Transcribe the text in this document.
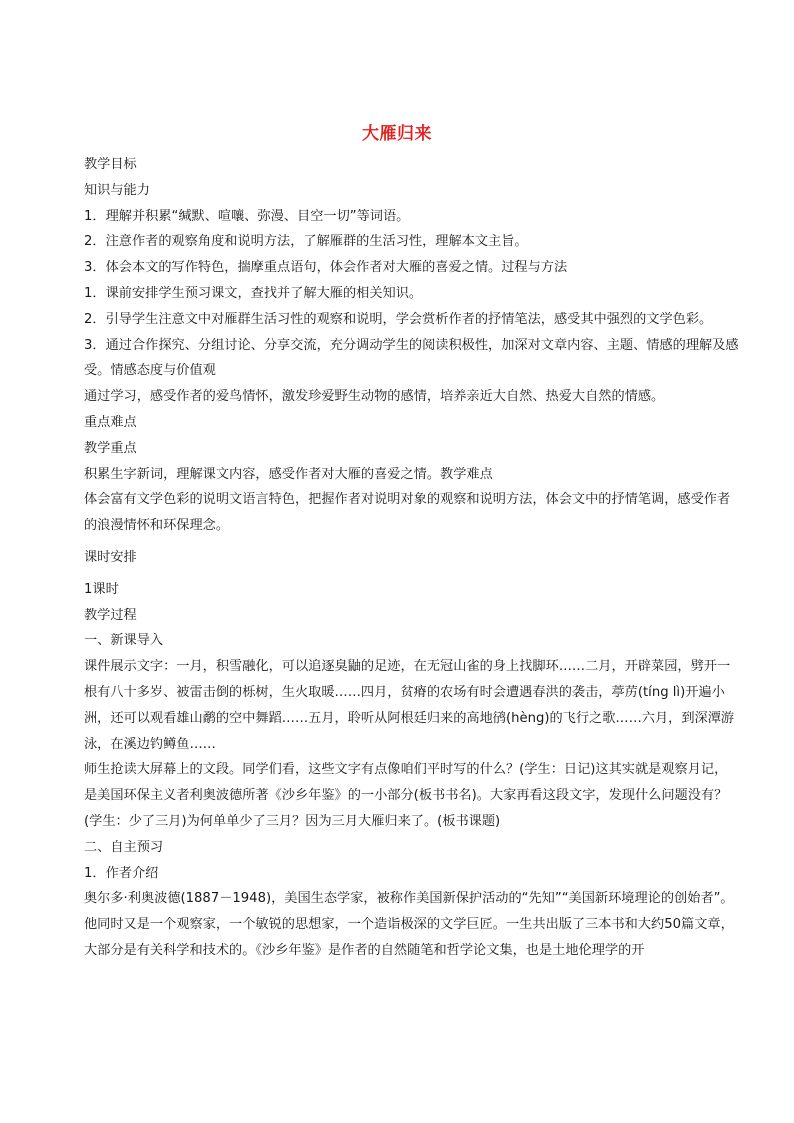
大雁归来

教学目标

知识与能力

1．理解并积累“缄默、喧嚷、弥漫、目空一切”等词语。

2．注意作者的观察角度和说明方法，了解雁群的生活习性，理解本文主旨。

3．体会本文的写作特色，揣摩重点语句，体会作者对大雁的喜爱之情。过程与方法

1．课前安排学生预习课文，查找并了解大雁的相关知识。

2．引导学生注意文中对雁群生活习性的观察和说明，学会赏析作者的抒情笔法，感受其中强烈的文学色彩。

3．通过合作探究、分组讨论、分享交流，充分调动学生的阅读积极性，加深对文章内容、主题、情感的理解及感受。情感态度与价值观

通过学习，感受作者的爱鸟情怀，激发珍爱野生动物的感情，培养亲近大自然、热爱大自然的情感。

重点难点

教学重点

积累生字新词，理解课文内容，感受作者对大雁的喜爱之情。教学难点

体会富有文学色彩的说明文语言特色，把握作者对说明对象的观察和说明方法，体会文中的抒情笔调，感受作者的浪漫情怀和环保理念。

课时安排

1课时

教学过程

一、新课导入

课件展示文字：一月，积雪融化，可以追逐臭鼬的足迹，在无冠山雀的身上找脚环……二月，开辟菜园，劈开一根有八十多岁、被雷击倒的栎树，生火取暖……四月，贫瘠的农场有时会遭遇春洪的袭击，葶苈(tíng lì)开遍小洲，还可以观看雄山鹬的空中舞蹈……五月，聆听从阿根廷归来的高地鸻(hèng)的飞行之歌……六月，到深潭游泳，在溪边钓鳟鱼……

师生抢读大屏幕上的文段。同学们看，这些文字有点像咱们平时写的什么？(学生：日记)这其实就是观察月记，是美国环保主义者利奥波德所著《沙乡年鉴》的一小部分(板书书名)。大家再看这段文字，发现什么问题没有？(学生：少了三月)为何单单少了三月？因为三月大雁归来了。(板书课题)

二、自主预习

1．作者介绍

奥尔多·利奥波德(1887－1948)，美国生态学家，被称作美国新保护活动的“先知”“美国新环境理论的创始者”。他同时又是一个观察家，一个敏锐的思想家，一个造诣极深的文学巨匠。一生共出版了三本书和大约50篇文章，大部分是有关科学和技术的。《沙乡年鉴》是作者的自然随笔和哲学论文集，也是土地伦理学的开
